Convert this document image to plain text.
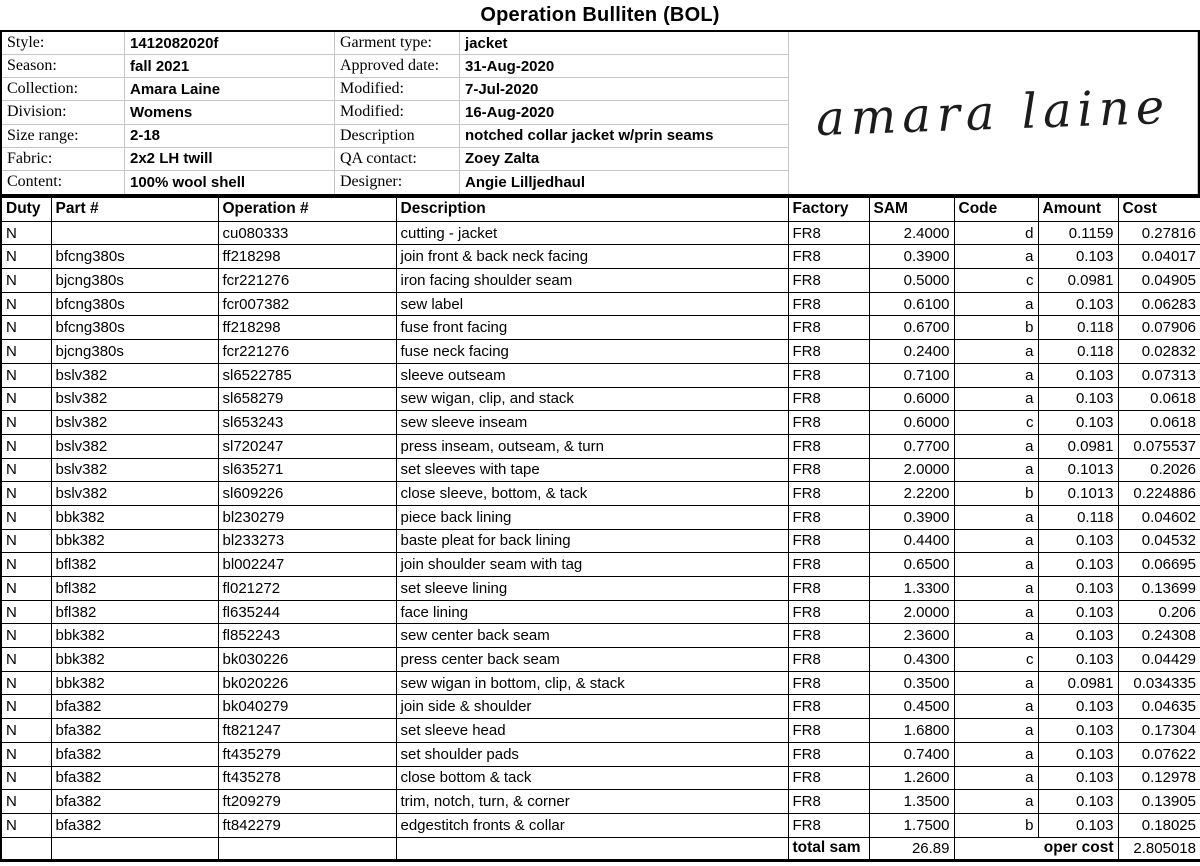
Operation Bulliten (BOL)
amara laine
Style:	1412082020f	Garment type:	jacket
Season:	fall 2021	Approved date:	31-Aug-2020
Collection:	Amara Laine	Modified:	7-Jul-2020
Division:	Womens	Modified:	16-Aug-2020
Size range:	2-18	Description	notched collar jacket w/prin seams
Fabric:	2x2 LH twill	QA contact:	Zoey Zalta
Content:	100% wool shell	Designer:	Angie Lilljedhaul
Duty	Part #	Operation #	Description	Factory	SAM	Code	Amount	Cost
N		cu080333	cutting - jacket	FR8	2.4000	d	0.1159	0.27816
N	bfcng380s	ff218298	join front & back neck facing	FR8	0.3900	a	0.103	0.04017
N	bjcng380s	fcr221276	iron facing shoulder seam	FR8	0.5000	c	0.0981	0.04905
N	bfcng380s	fcr007382	sew label	FR8	0.6100	a	0.103	0.06283
N	bfcng380s	ff218298	fuse front facing	FR8	0.6700	b	0.118	0.07906
N	bjcng380s	fcr221276	fuse neck facing	FR8	0.2400	a	0.118	0.02832
N	bslv382	sl6522785	sleeve outseam	FR8	0.7100	a	0.103	0.07313
N	bslv382	sl658279	sew wigan, clip, and stack	FR8	0.6000	a	0.103	0.0618
N	bslv382	sl653243	sew sleeve inseam	FR8	0.6000	c	0.103	0.0618
N	bslv382	sl720247	press inseam, outseam, & turn	FR8	0.7700	a	0.0981	0.075537
N	bslv382	sl635271	set sleeves with tape	FR8	2.0000	a	0.1013	0.2026
N	bslv382	sl609226	close sleeve, bottom, & tack	FR8	2.2200	b	0.1013	0.224886
N	bbk382	bl230279	piece back lining	FR8	0.3900	a	0.118	0.04602
N	bbk382	bl233273	baste pleat for back lining	FR8	0.4400	a	0.103	0.04532
N	bfl382	bl002247	join shoulder seam with tag	FR8	0.6500	a	0.103	0.06695
N	bfl382	fl021272	set sleeve lining	FR8	1.3300	a	0.103	0.13699
N	bfl382	fl635244	face lining	FR8	2.0000	a	0.103	0.206
N	bbk382	fl852243	sew center back seam	FR8	2.3600	a	0.103	0.24308
N	bbk382	bk030226	press center back seam	FR8	0.4300	c	0.103	0.04429
N	bbk382	bk020226	sew wigan in bottom, clip, & stack	FR8	0.3500	a	0.0981	0.034335
N	bfa382	bk040279	join side & shoulder	FR8	0.4500	a	0.103	0.04635
N	bfa382	ft821247	set sleeve head	FR8	1.6800	a	0.103	0.17304
N	bfa382	ft435279	set shoulder pads	FR8	0.7400	a	0.103	0.07622
N	bfa382	ft435278	close bottom & tack	FR8	1.2600	a	0.103	0.12978
N	bfa382	ft209279	trim, notch, turn, & corner	FR8	1.3500	a	0.103	0.13905
N	bfa382	ft842279	edgestitch fronts & collar	FR8	1.7500	b	0.103	0.18025
				total sam	26.89	oper cost		2.805018
